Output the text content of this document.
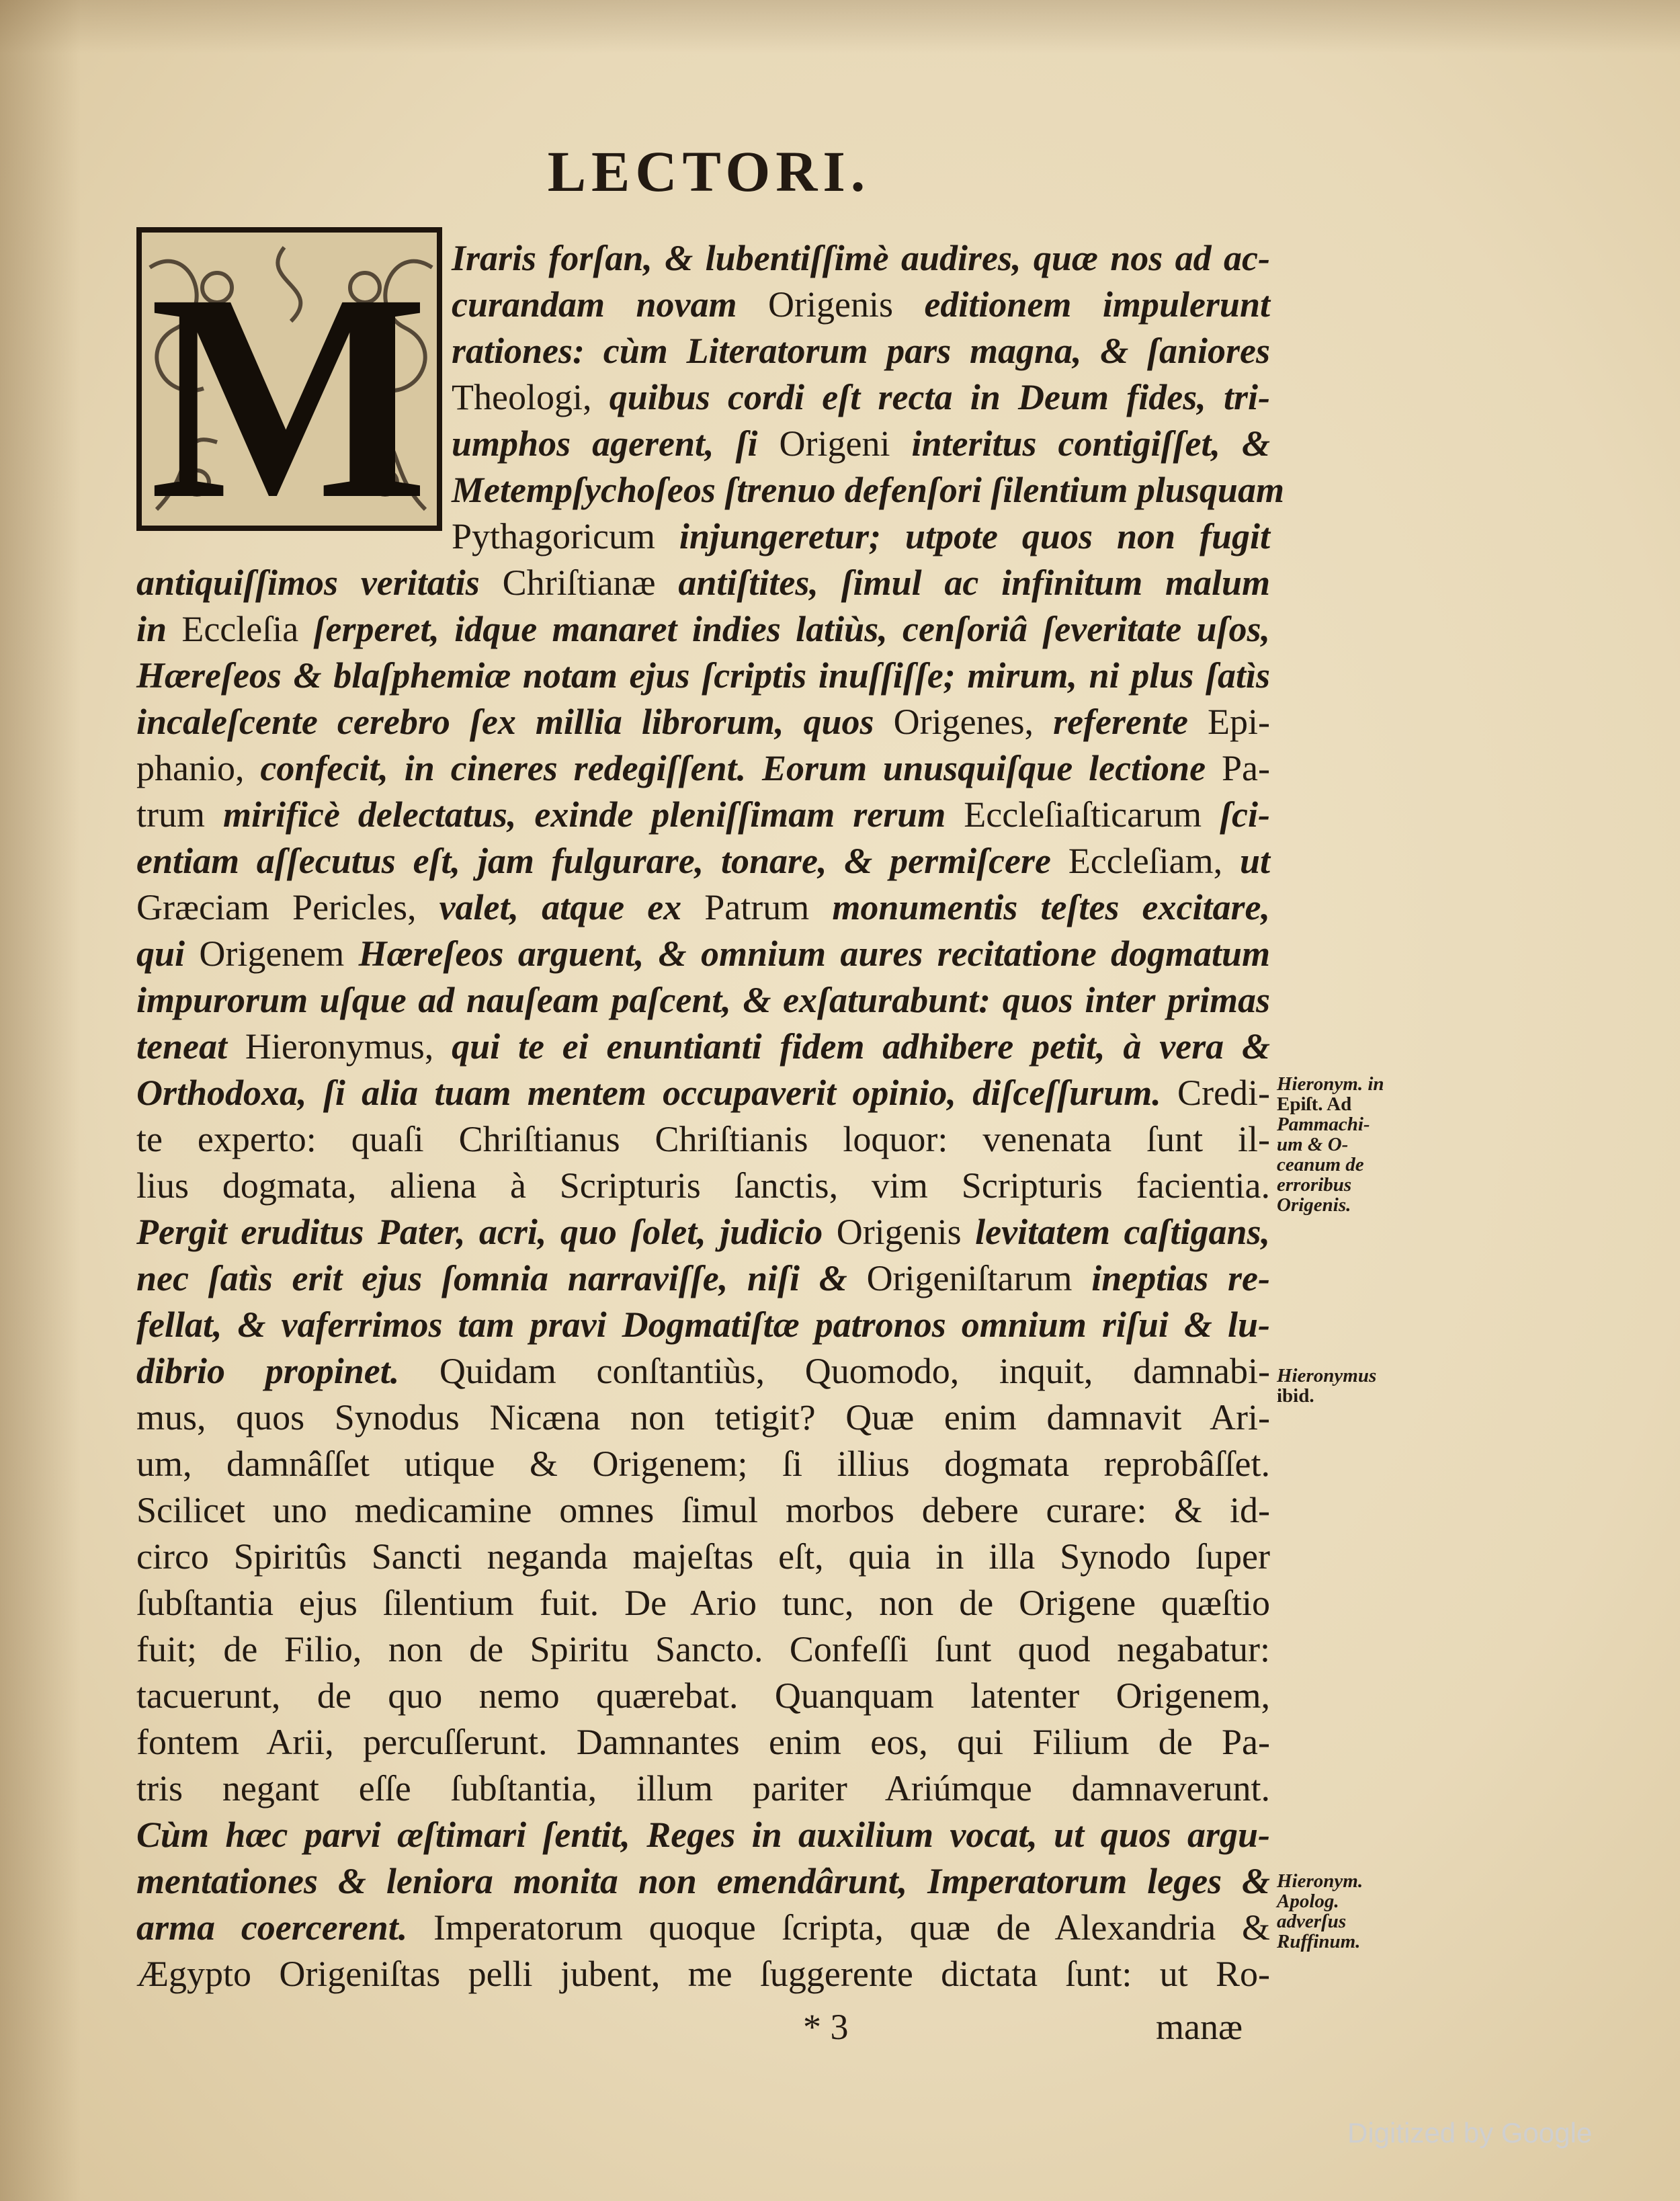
LECTORI.
M Iraris forſan, & lubentiſſimè audires, quæ nos ad ac-
curandam novam Origenis editionem impulerunt
rationes: cùm Literatorum pars magna, & ſaniores
Theologi, quibus cordi eſt recta in Deum fides, tri-
umphos agerent, ſi Origeni interitus contigiſſet, &
Metempſychoſeos ſtrenuo defenſori ſilentium plusquam
Pythagoricum injungeretur; utpote quos non fugit
antiquiſſimos veritatis Chriſtianæ antiſtites, ſimul ac infinitum malum
in Eccleſia ſerperet, idque manaret indies latiùs, cenſoriâ ſeveritate uſos,
Hæreſeos & blaſphemiæ notam ejus ſcriptis inuſſiſſe; mirum, ni plus ſatìs
incaleſcente cerebro ſex millia librorum, quos Origenes, referente Epi-
phanio, confecit, in cineres redegiſſent. Eorum unusquiſque lectione Pa-
trum mirificè delectatus, exinde pleniſſimam rerum Eccleſiaſticarum ſci-
entiam aſſecutus eſt, jam fulgurare, tonare, & permiſcere Eccleſiam, ut
Græciam Pericles, valet, atque ex Patrum monumentis teſtes excitare,
qui Origenem Hæreſeos arguent, & omnium aures recitatione dogmatum
impurorum uſque ad nauſeam paſcent, & exſaturabunt: quos inter primas
teneat Hieronymus, qui te ei enuntianti fidem adhibere petit, à vera &
Orthodoxa, ſi alia tuam mentem occupaverit opinio, diſceſſurum. Credi-
te experto: quaſi Chriſtianus Chriſtianis loquor: venenata ſunt il-
lius dogmata, aliena à Scripturis ſanctis, vim Scripturis facientia.
Pergit eruditus Pater, acri, quo ſolet, judicio Origenis levitatem caſtigans,
nec ſatìs erit ejus ſomnia narraviſſe, niſi & Origeniſtarum ineptias re-
fellat, & vaferrimos tam pravi Dogmatiſtæ patronos omnium riſui & lu-
dibrio propinet. Quidam conſtantiùs, Quomodo, inquit, damnabi-
mus, quos Synodus Nicæna non tetigit? Quæ enim damnavit Ari-
um, damnâſſet utique & Origenem; ſi illius dogmata reprobâſſet.
Scilicet uno medicamine omnes ſimul morbos debere curare: & id-
circo Spiritûs Sancti neganda majeſtas eſt, quia in illa Synodo ſuper
ſubſtantia ejus ſilentium fuit. De Ario tunc, non de Origene quæſtio
fuit; de Filio, non de Spiritu Sancto. Confeſſi ſunt quod negabatur:
tacuerunt, de quo nemo quærebat. Quanquam latenter Origenem,
fontem Arii, percuſſerunt. Damnantes enim eos, qui Filium de Pa-
tris negant eſſe ſubſtantia, illum pariter Ariúmque damnaverunt.
Cùm hæc parvi æſtimari ſentit, Reges in auxilium vocat, ut quos argu-
mentationes & leniora monita non emendârunt, Imperatorum leges &
arma coercerent. Imperatorum quoque ſcripta, quæ de Alexandria &
Ægypto Origeniſtas pelli jubent, me ſuggerente dictata ſunt: ut Ro-
Hieronym. in
Epiſt. Ad
Pammachi-
um & O-
ceanum de
erroribus
Origenis.
Hieronymus
ibid.
Hieronym.
Apolog.
adverſus
Ruffinum.
* 3	manæ
Digitized by Google
